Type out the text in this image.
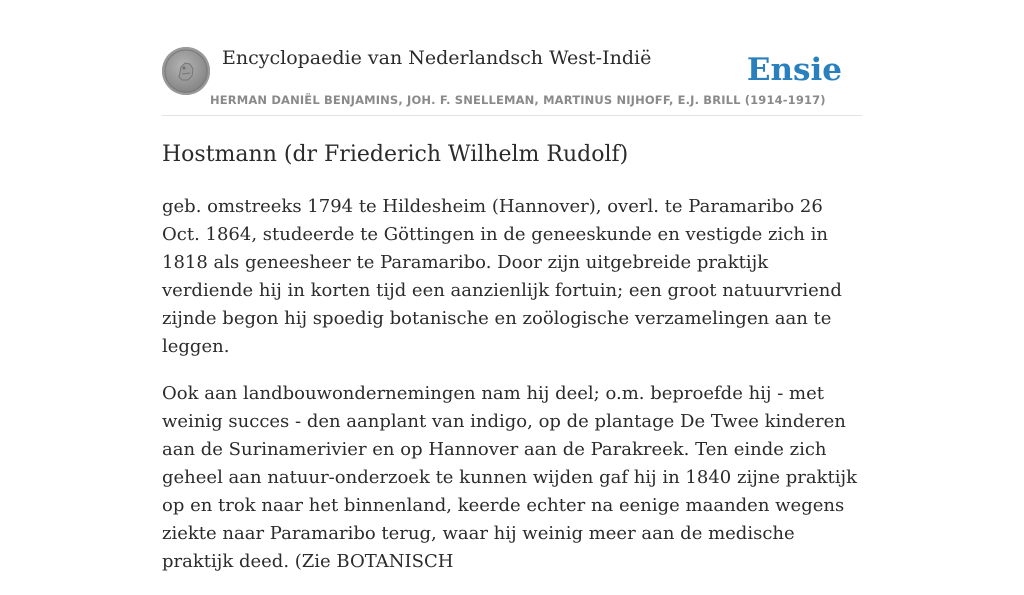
Encyclopaedie van Nederlandsch West-Indië	Ensie
HERMAN DANIËL BENJAMINS, JOH. F. SNELLEMAN, MARTINUS NIJHOFF, E.J. BRILL (1914-1917)
Hostmann (dr Friederich Wilhelm Rudolf)

geb. omstreeks 1794 te Hildesheim (Hannover), overl. te Paramaribo 26 Oct. 1864, studeerde te Göttingen in de geneeskunde en vestigde zich in 1818 als geneesheer te Paramaribo. Door zijn uitgebreide praktijk verdiende hij in korten tijd een aanzienlijk fortuin; een groot natuurvriend zijnde begon hij spoedig botanische en zoölogische verzamelingen aan te leggen.

Ook aan landbouwondernemingen nam hij deel; o.m. beproefde hij - met weinig succes - den aanplant van indigo, op de plantage De Twee kinderen aan de Surinamerivier en op Hannover aan de Parakreek. Ten einde zich geheel aan natuur-onderzoek te kunnen wijden gaf hij in 1840 zijne praktijk op en trok naar het binnenland, keerde echter na eenige maanden wegens ziekte naar Paramaribo terug, waar hij weinig meer aan de medische praktijk deed. (Zie BOTANISCH
